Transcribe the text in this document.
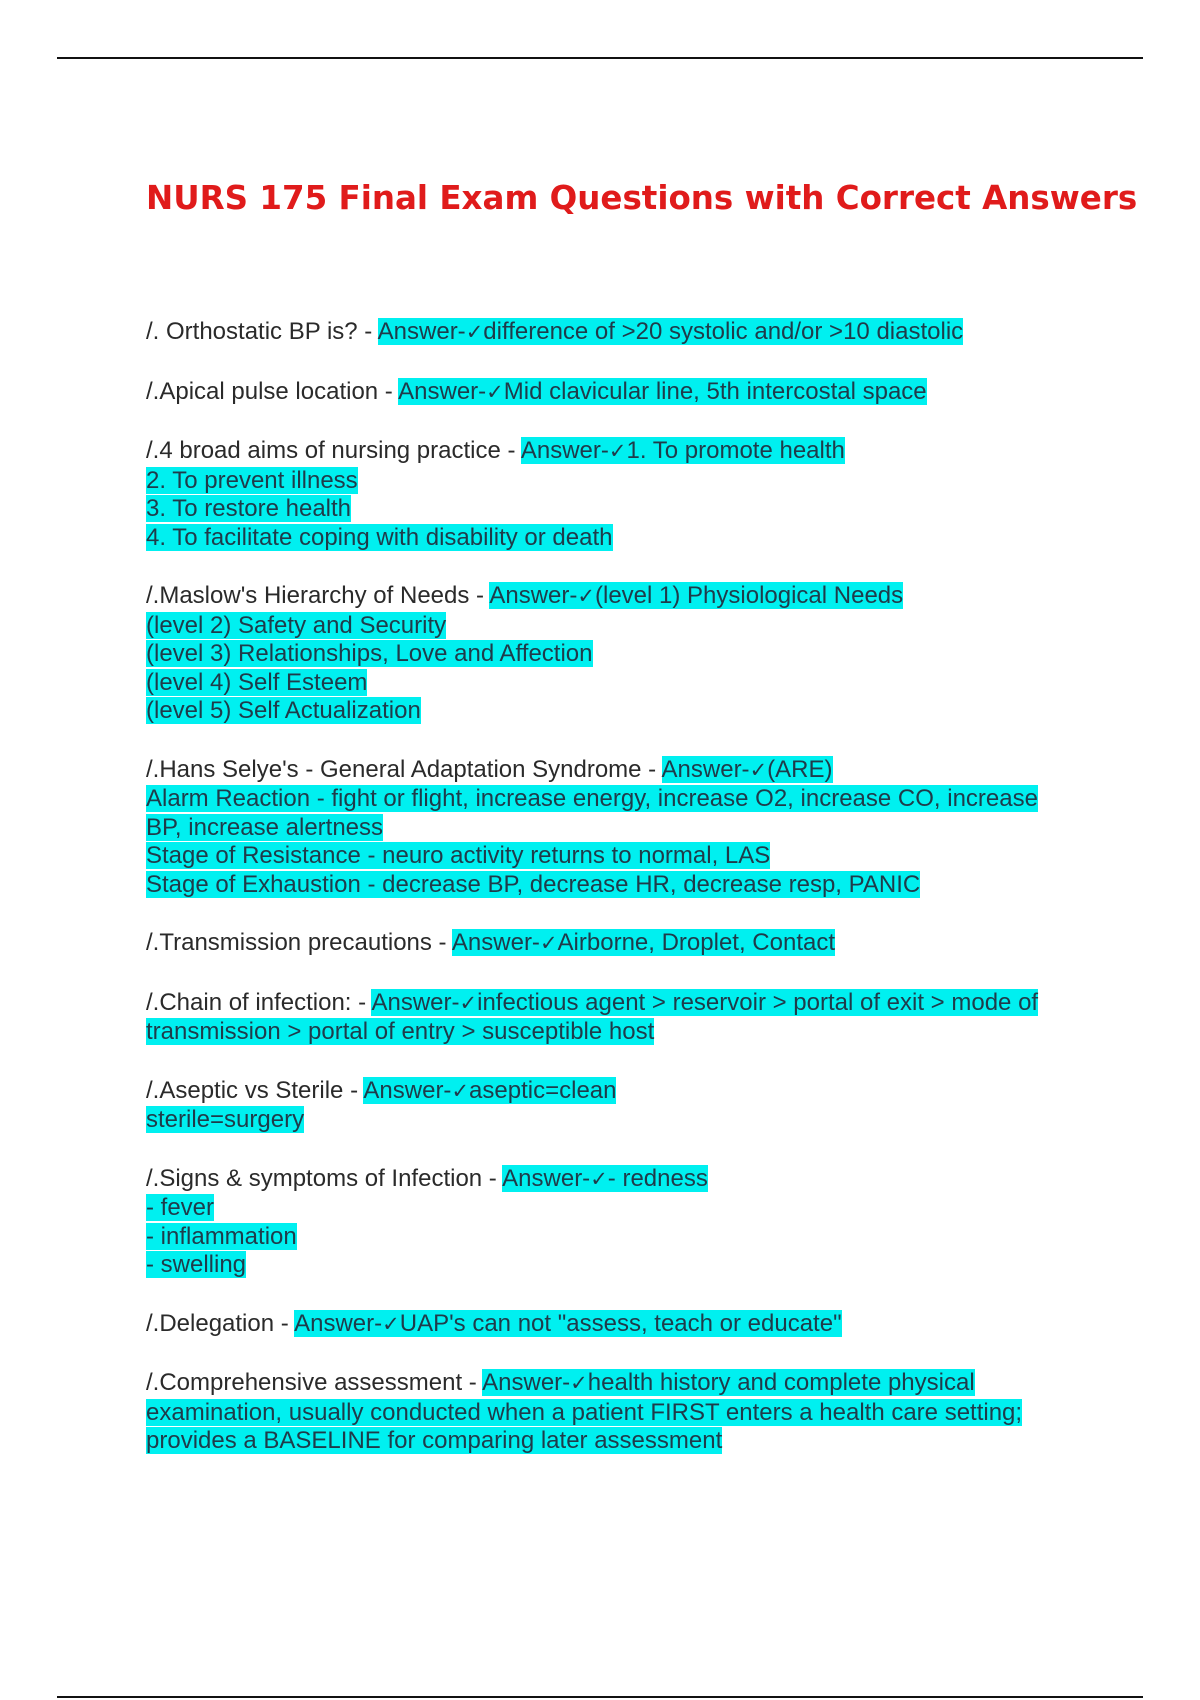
NURS 175 Final Exam Questions with Correct Answers
/. Orthostatic BP is? - Answer-✓difference of >20 systolic and/or >10 diastolic
/.Apical pulse location - Answer-✓Mid clavicular line, 5th intercostal space
/.4 broad aims of nursing practice - Answer-✓1. To promote health
2. To prevent illness
3. To restore health
4. To facilitate coping with disability or death
/.Maslow's Hierarchy of Needs - Answer-✓(level 1) Physiological Needs
(level 2) Safety and Security
(level 3) Relationships, Love and Affection
(level 4) Self Esteem
(level 5) Self Actualization
/.Hans Selye's - General Adaptation Syndrome - Answer-✓(ARE)
Alarm Reaction - fight or flight, increase energy, increase O2, increase CO, increase BP, increase alertness
Stage of Resistance - neuro activity returns to normal, LAS
Stage of Exhaustion - decrease BP, decrease HR, decrease resp, PANIC
/.Transmission precautions - Answer-✓Airborne, Droplet, Contact
/.Chain of infection: - Answer-✓infectious agent > reservoir > portal of exit > mode of transmission > portal of entry > susceptible host
/.Aseptic vs Sterile - Answer-✓aseptic=clean
sterile=surgery
/.Signs & symptoms of Infection - Answer-✓- redness
- fever
- inflammation
- swelling
/.Delegation - Answer-✓UAP's can not "assess, teach or educate"
/.Comprehensive assessment - Answer-✓health history and complete physical examination, usually conducted when a patient FIRST enters a health care setting; provides a BASELINE for comparing later assessment
